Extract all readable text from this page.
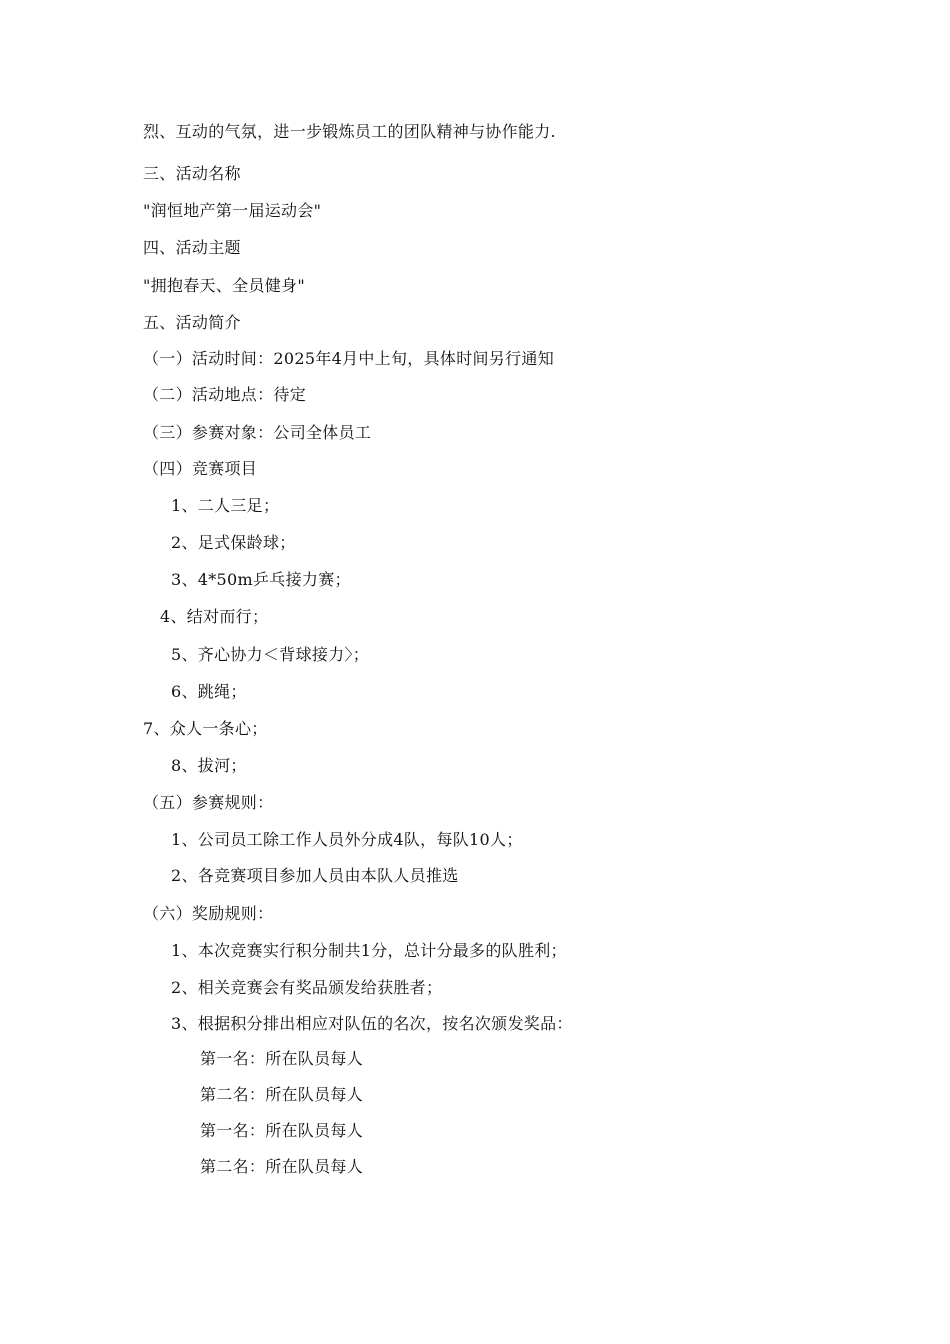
烈、互动的气氛，进一步锻炼员工的团队精神与协作能力.
三、活动名称
"润恒地产第一届运动会"
四、活动主题
"拥抱春天、全员健身"
五、活动简介
（一）活动时间：2025年4月中上旬，具体时间另行通知
（二）活动地点：待定
（三）参赛对象：公司全体员工
（四）竞赛项目
1、二人三足；
2、足式保龄球；
3、4*50m乒乓接力赛；
4、结对而行；
5、齐心协力＜背球接力〉；
6、跳绳；
7、众人一条心；
8、拔河；
（五）参赛规则：
1、公司员工除工作人员外分成4队，每队10人；
2、各竞赛项目参加人员由本队人员推选
（六）奖励规则：
1、本次竞赛实行积分制共1分，总计分最多的队胜利；
2、相关竞赛会有奖品颁发给获胜者；
3、根据积分排出相应对队伍的名次，按名次颁发奖品：
第一名：所在队员每人
第二名：所在队员每人
第一名：所在队员每人
第二名：所在队员每人
